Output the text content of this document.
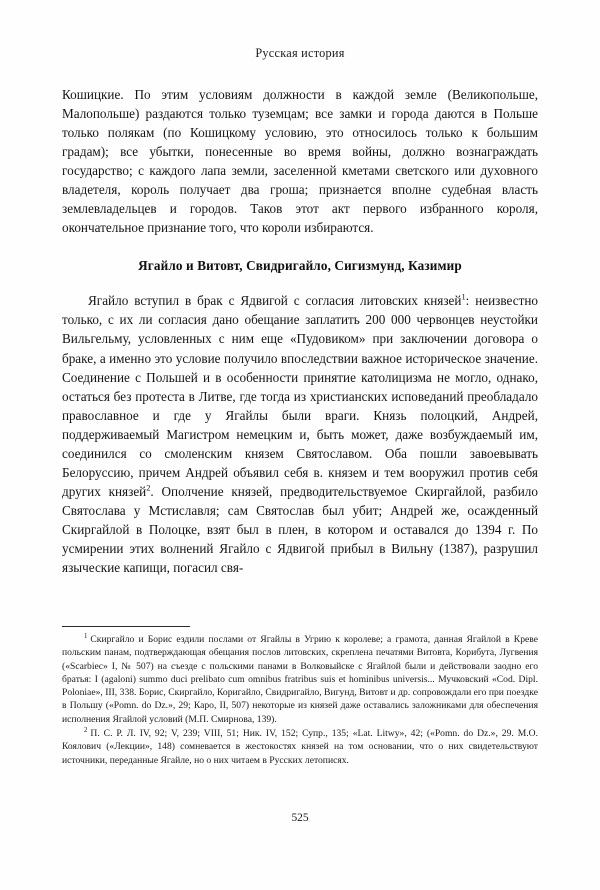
Русская история

Кошицкие. По этим условиям должности в каждой земле (Великопольше, Малопольше) раздаются только туземцам; все замки и города даются в Польше только полякам (по Кошицкому условию, это относилось только к большим градам); все убытки, понесенные во время войны, должно вознаграждать государство; с каждого лапа земли, заселенной кметами светского или духовного владетеля, король получает два гроша; признается вполне судебная власть землевладельцев и городов. Таков этот акт первого избранного короля, окончательное признание того, что короли избираются.

Ягайло и Витовт, Свидригайло, Сигизмунд, Казимир

Ягайло вступил в брак с Ядвигой с согласия литовских князей$^1$: неизвестно только, с их ли согласия дано обещание заплатить 200 000 червонцев неустойки Вильгельму, условленных с ним еще «Пудовиком» при заключении договора о браке, а именно это условие получило впоследствии важное историческое значение. Соединение с Польшей и в особенности принятие католицизма не могло, однако, остаться без протеста в Литве, где тогда из христианских исповеданий преобладало православное и где у Ягайлы были враги. Князь полоцкий, Андрей, поддерживаемый Магистром немецким и, быть может, даже возбуждаемый им, соединился со смоленским князем Святославом. Оба пошли завоевывать Белоруссию, причем Андрей объявил себя в. князем и тем вооружил против себя других князей$^2$. Ополчение князей, предводительствуемое Скиргайлой, разбило Святослава у Мстиславля; сам Святослав был убит; Андрей же, осажденный Скиргайлой в Полоцке, взят был в плен, в котором и оставался до 1394 г. По усмирении этих волнений Ягайло с Ядвигой прибыл в Вильну (1387), разрушил языческие капищи, погасил свя-

$^1$ Скиргайло и Борис ездили послами от Ягайлы в Угрию к королеве; а грамота, данная Ягайлой в Креве польским панам, подтверждающая обещания послов литовских, скреплена печатями Витовта, Корибута, Лугвения («Scarbiec» I, № 507) на съезде с польскими панами в Волковыйске с Ягайлой были и действовали заодно его братья: I (agaloni) summo duci prelibato cum omnibus fratribus suis et hominibus universis... Мучковский «Cod. Dipl. Poloniae», III, 338. Борис, Скиргайло, Коригайло, Свидригайло, Вигунд, Витовт и др. сопровождали его при поездке в Польшу («Pomn. do Dz.», 29; Каро, II, 507) некоторые из князей даже оставались заложниками для обеспечения исполнения Ягайлой условий (М.П. Смирнова, 139).

$^2$ П. С. Р. Л. IV, 92; V, 239; VIII, 51; Ник. IV, 152; Супр., 135; «Lat. Litwy», 42; («Pomn. do Dz.», 29. М.О. Коялович («Лекции», 148) сомневается в жестокостях князей на том основании, что о них свидетельствуют источники, переданные Ягайле, но о них читаем в Русских летописях.

525
